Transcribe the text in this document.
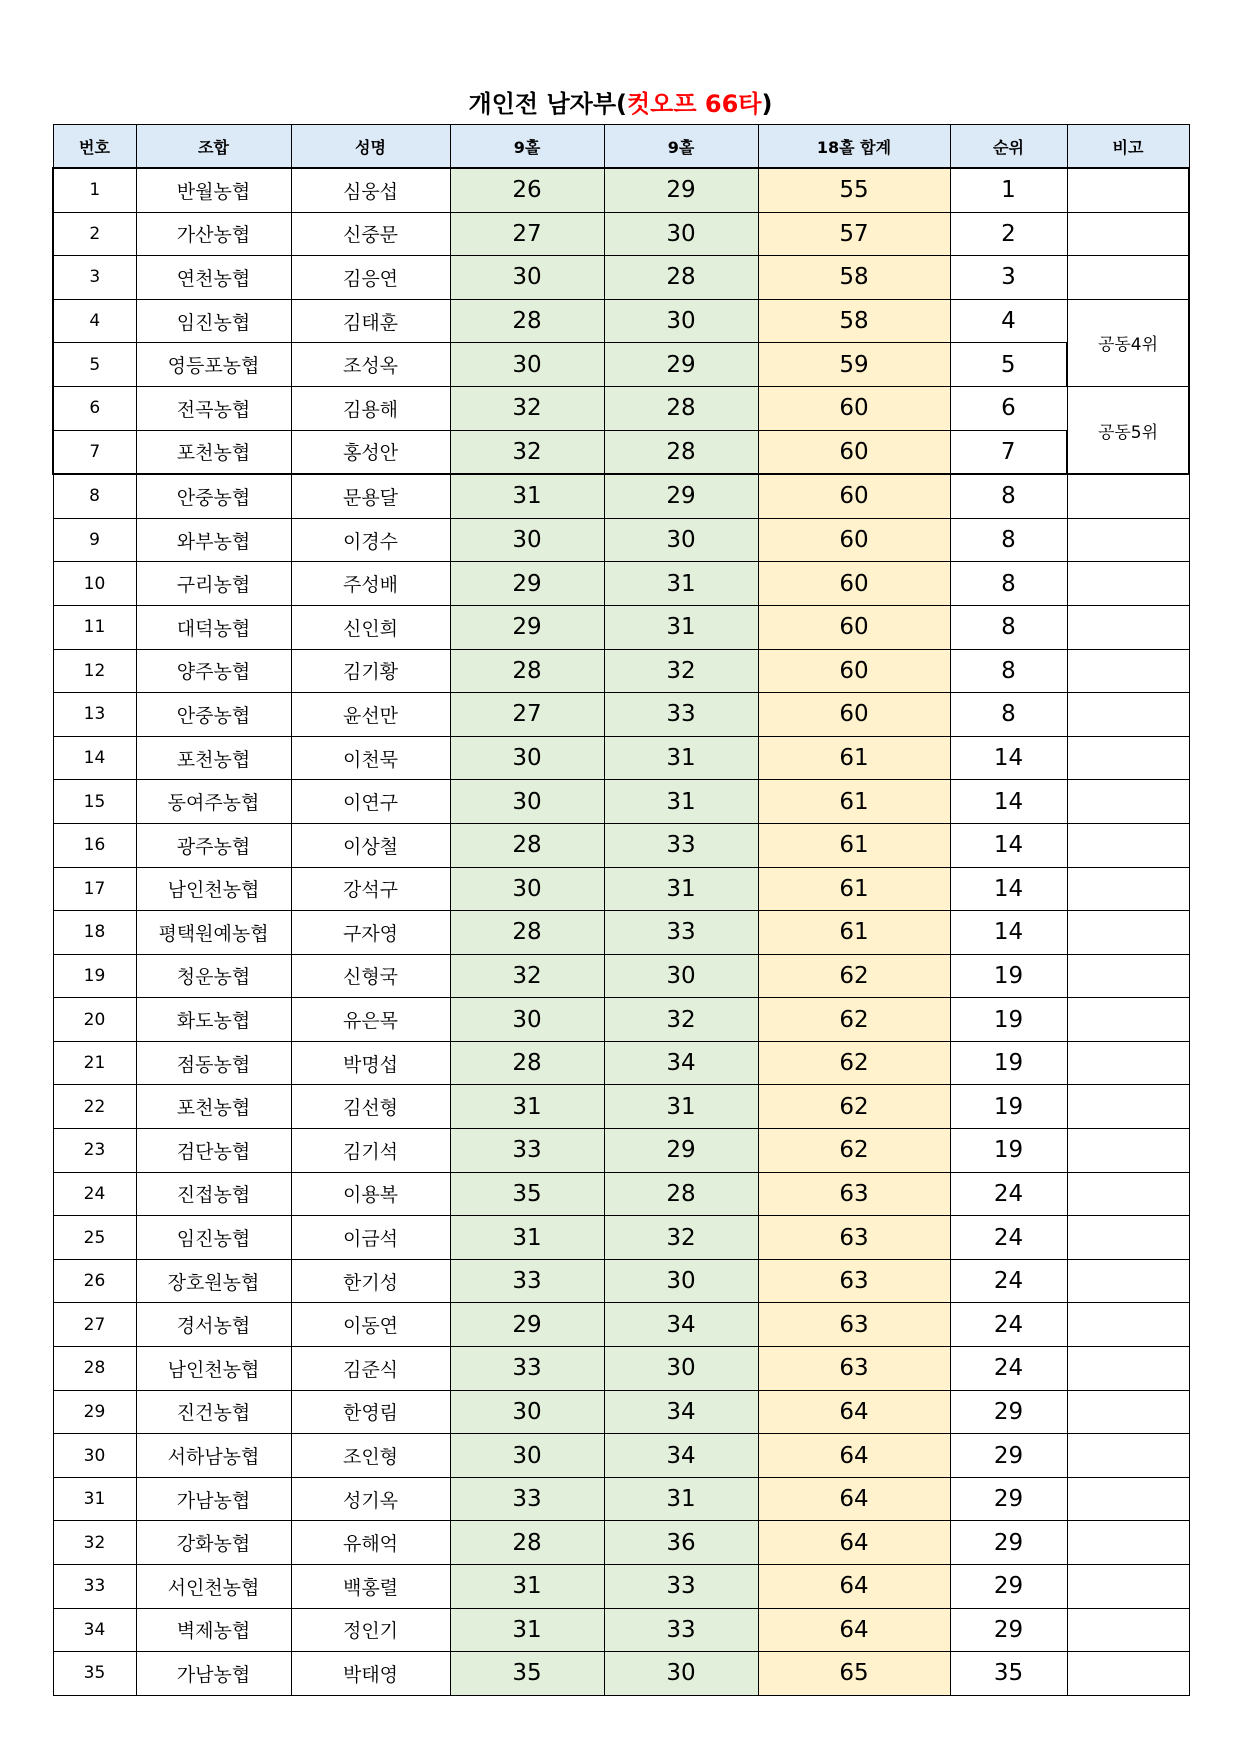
개인전 남자부(컷오프 66타)
번호	조합	성명	9홀	9홀	18홀 합계	순위	비고
1	반월농협	심웅섭	26	29	55	1	
2	가산농협	신중문	27	30	57	2	
3	연천농협	김응연	30	28	58	3	
4	임진농협	김태훈	28	30	58	4	공동4위
5	영등포농협	조성옥	30	29	59	5	
6	전곡농협	김용해	32	28	60	6	공동5위
7	포천농협	홍성안	32	28	60	7	
8	안중농협	문용달	31	29	60	8	
9	와부농협	이경수	30	30	60	8	
10	구리농협	주성배	29	31	60	8	
11	대덕농협	신인희	29	31	60	8	
12	양주농협	김기황	28	32	60	8	
13	안중농협	윤선만	27	33	60	8	
14	포천농협	이천묵	30	31	61	14	
15	동여주농협	이연구	30	31	61	14	
16	광주농협	이상철	28	33	61	14	
17	남인천농협	강석구	30	31	61	14	
18	평택원예농협	구자영	28	33	61	14	
19	청운농협	신형국	32	30	62	19	
20	화도농협	유은목	30	32	62	19	
21	점동농협	박명섭	28	34	62	19	
22	포천농협	김선형	31	31	62	19	
23	검단농협	김기석	33	29	62	19	
24	진접농협	이용복	35	28	63	24	
25	임진농협	이금석	31	32	63	24	
26	장호원농협	한기성	33	30	63	24	
27	경서농협	이동연	29	34	63	24	
28	남인천농협	김준식	33	30	63	24	
29	진건농협	한영림	30	34	64	29	
30	서하남농협	조인형	30	34	64	29	
31	가남농협	성기옥	33	31	64	29	
32	강화농협	유해억	28	36	64	29	
33	서인천농협	백홍렬	31	33	64	29	
34	벽제농협	정인기	31	33	64	29	
35	가남농협	박태영	35	30	65	35	
